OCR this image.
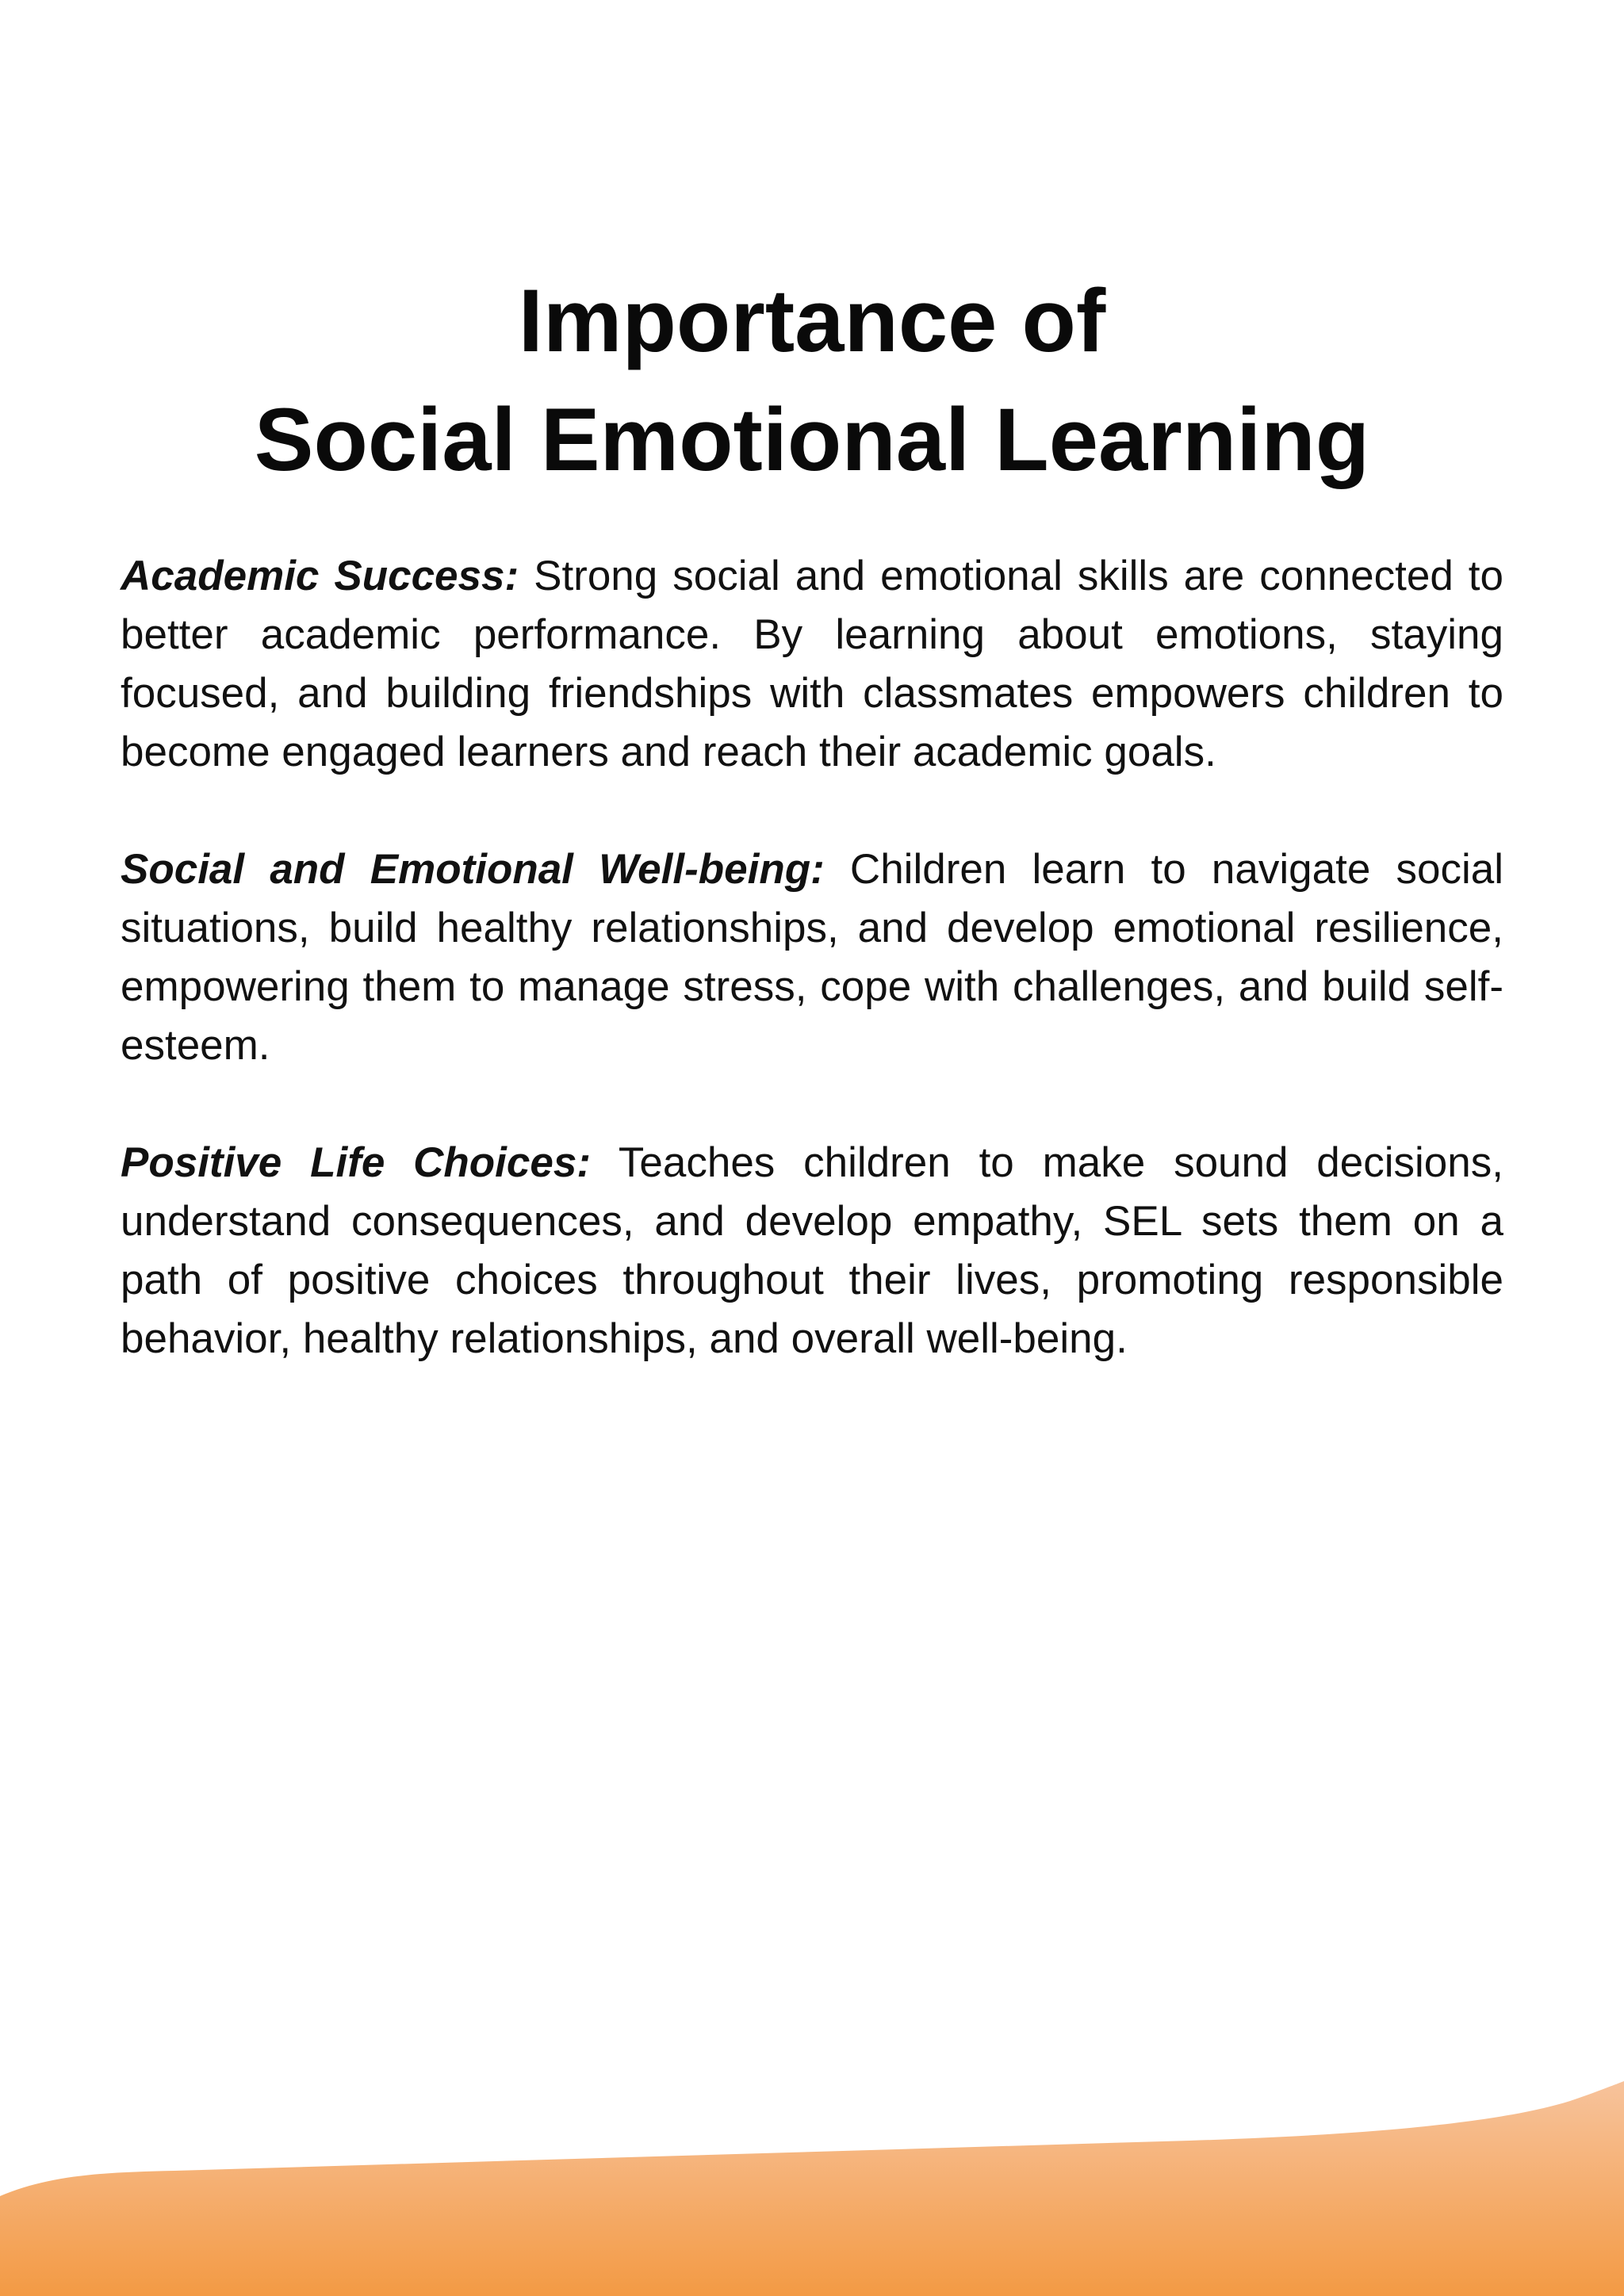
Importance of
Social Emotional Learning

Academic Success: Strong social and emotional skills are connected to better academic performance. By learning about emotions, staying focused, and building friendships with classmates empowers children to become engaged learners and reach their academic goals.

Social and Emotional Well-being: Children learn to navigate social situations, build healthy relationships, and develop emotional resilience, empowering them to manage stress, cope with challenges, and build self-esteem.

Positive Life Choices: Teaches children to make sound decisions, understand consequences, and develop empathy, SEL sets them on a path of positive choices throughout their lives, promoting responsible behavior, healthy relationships, and overall well-being.
